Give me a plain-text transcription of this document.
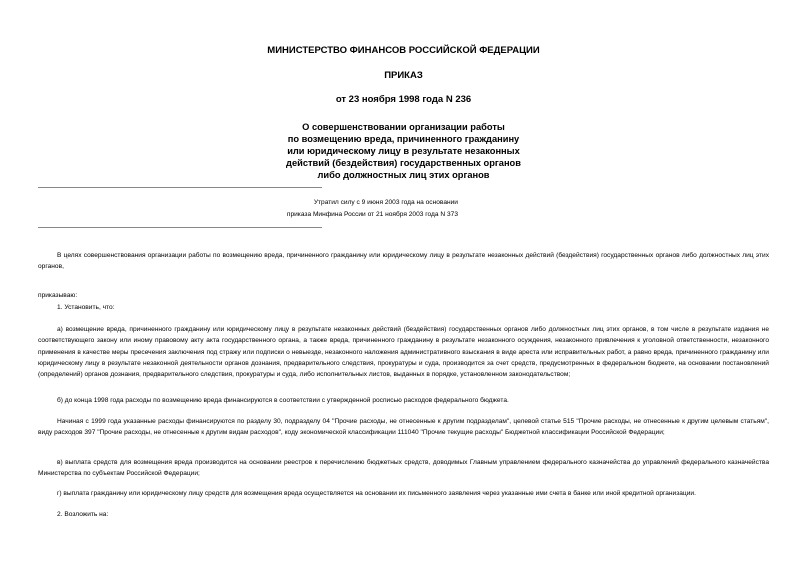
МИНИСТЕРСТВО ФИНАНСОВ РОССИЙСКОЙ ФЕДЕРАЦИИ
ПРИКАЗ
от 23 ноября 1998 года N 236
О совершенствовании организации работы
по возмещению вреда, причиненного гражданину
или юридическому лицу в результате незаконных
действий (бездействия) государственных органов
либо должностных лиц этих органов
Утратил силу с 9 июня 2003 года на основании
приказа Минфина России от 21 ноября 2003 года N 373
В целях совершенствования организации работы по возмещению вреда, причиненного гражданину или юридическому лицу в результате незаконных действий (бездействия) государственных органов либо должностных лиц этих органов,
приказываю:
1. Установить, что:
а) возмещение вреда, причиненного гражданину или юридическому лицу в результате незаконных действий (бездействия) государственных органов либо должностных лиц этих органов, в том числе в результате издания не соответствующего закону или иному правовому акту акта государственного органа, а также вреда, причиненного гражданину в результате незаконного осуждения, незаконного привлечения к уголовной ответственности, незаконного применения в качестве меры пресечения заключения под стражу или подписки о невыезде, незаконного наложения административного взыскания в виде ареста или исправительных работ, а равно вреда, причиненного гражданину или юридическому лицу в результате незаконной деятельности органов дознания, предварительного следствия, прокуратуры и суда, производится за счет средств, предусмотренных в федеральном бюджете, на основании постановлений (определений) органов дознания, предварительного следствия, прокуратуры и суда, либо исполнительных листов, выданных в порядке, установленном законодательством;
б) до конца 1998 года расходы по возмещению вреда финансируются в соответствии с утвержденной росписью расходов федерального бюджета.
Начиная с 1999 года указанные расходы финансируются по разделу 30, подразделу 04 "Прочие расходы, не отнесенные к другим подразделам", целевой статье 515 "Прочие расходы, не отнесенные к другим целевым статьям", виду расходов 397 "Прочие расходы, не отнесенные к другим видам расходов", коду экономической классификации 111040 "Прочие текущие расходы" Бюджетной классификации Российской Федерации;
в) выплата средств для возмещения вреда производится на основании реестров к перечислению бюджетных средств, доводимых Главным управлением федерального казначейства до управлений федерального казначейства Министерства по субъектам Российской Федерации;
г) выплата гражданину или юридическому лицу средств для возмещения вреда осуществляется на основании их письменного заявления через указанные ими счета в банке или иной кредитной организации.
2. Возложить на:
